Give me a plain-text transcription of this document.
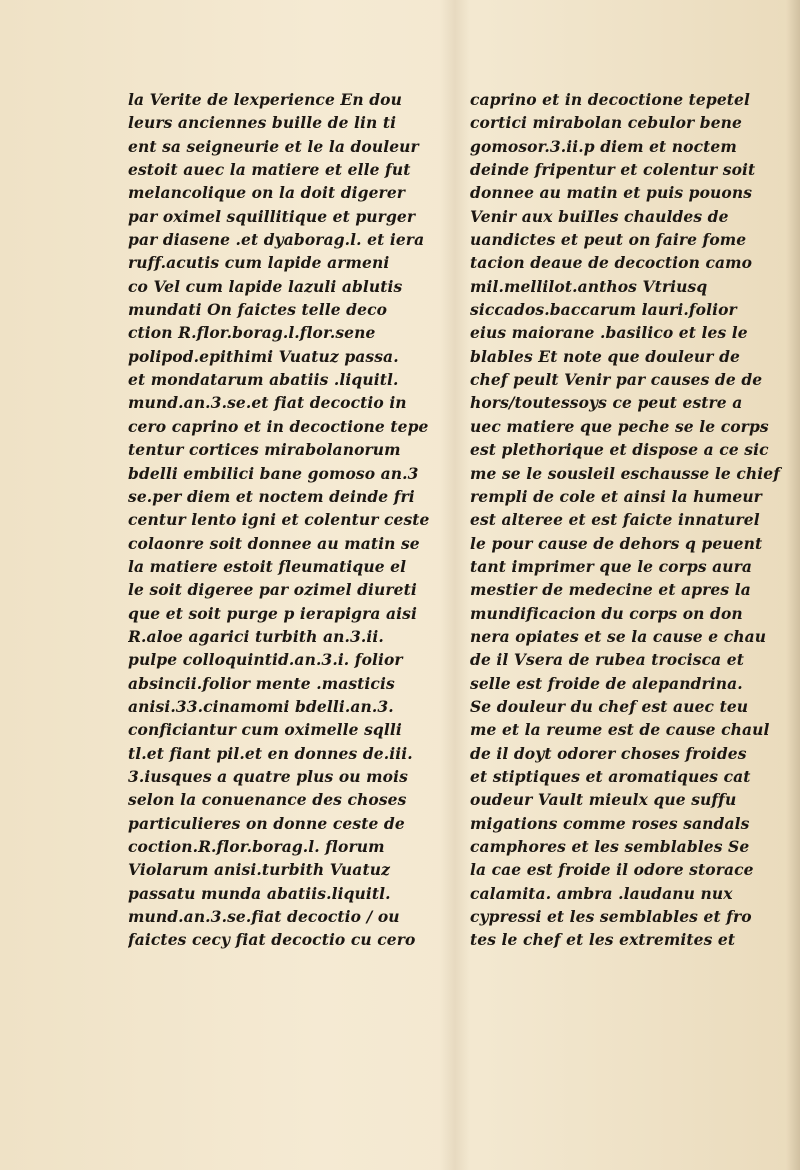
la Verite de lexperience En dou
leurs anciennes buille de lin ti
ent sa seigneurie et le la douleur
estoit auec la matiere et elle fut
melancolique on la doit digerer
par oximel squillitique et purger
par diasene .et dyaborag.l. et iera
ruff.acutis cum lapide armeni
co Vel cum lapide lazuli ablutis
mundati On faictes telle deco
ction R.flor.borag.l.flor.sene
polipod.epithimi Vuatuz passa.
et mondatarum abatiis .liquitl.
mund.an.3.se.et fiat decoctio in
cero caprino et in decoctione tepe
tentur cortices mirabolanorum
bdelli embilici bane gomoso an.3
se.per diem et noctem deinde fri
centur lento igni et colentur ceste
colaonre soit donnee au matin se
la matiere estoit fleumatique el
le soit digeree par ozimel diureti
que et soit purge p ierapigra aisi
R.aloe agarici turbith an.3.ii.
pulpe colloquintid.an.3.i. folior
absincii.folior mente .masticis
anisi.33.cinamomi bdelli.an.3.
conficiantur cum oximelle sqlli
tl.et fiant pil.et en donnes de.iii.
3.iusques a quatre plus ou mois
selon la conuenance des choses
particulieres on donne ceste de
coction.R.flor.borag.l. florum
Violarum anisi.turbith Vuatuz
passatu munda abatiis.liquitl.
mund.an.3.se.fiat decoctio / ou
faictes cecy fiat decoctio cu cero
caprino et in decoctione tepetel
cortici mirabolan cebulor bene
gomosor.3.ii.p diem et noctem
deinde fripentur et colentur soit
donnee au matin et puis pouons
Venir aux buiIles chauldes de
uandictes et peut on faire fome
tacion deaue de decoction camo
mil.mellilot.anthos Vtriusq
siccados.baccarum lauri.folior
eius maiorane .basilico et les le
blables Et note que douleur de
chef peult Venir par causes de de
hors/toutessoys ce peut estre a
uec matiere que peche se le corps
est plethorique et dispose a ce sic
me se le sousleil eschausse le chief
rempli de cole et ainsi la humeur
est alteree et est faicte innaturel
le pour cause de dehors q peuent
tant imprimer que le corps aura
mestier de medecine et apres la
mundificacion du corps on don
nera opiates et se la cause e chau
de il Vsera de rubea trocisca et
selle est froide de alepandrina.
Se douleur du chef est auec teu
me et la reume est de cause chaul
de il doyt odorer choses froides
et stiptiques et aromatiques cat
oudeur Vault mieulx que suffu
migations comme roses sandals
camphores et les semblables Se
la cae est froide il odore storace
calamita. ambra .laudanu nux
cypressi et les semblables et fro
tes le chef et les extremites et
